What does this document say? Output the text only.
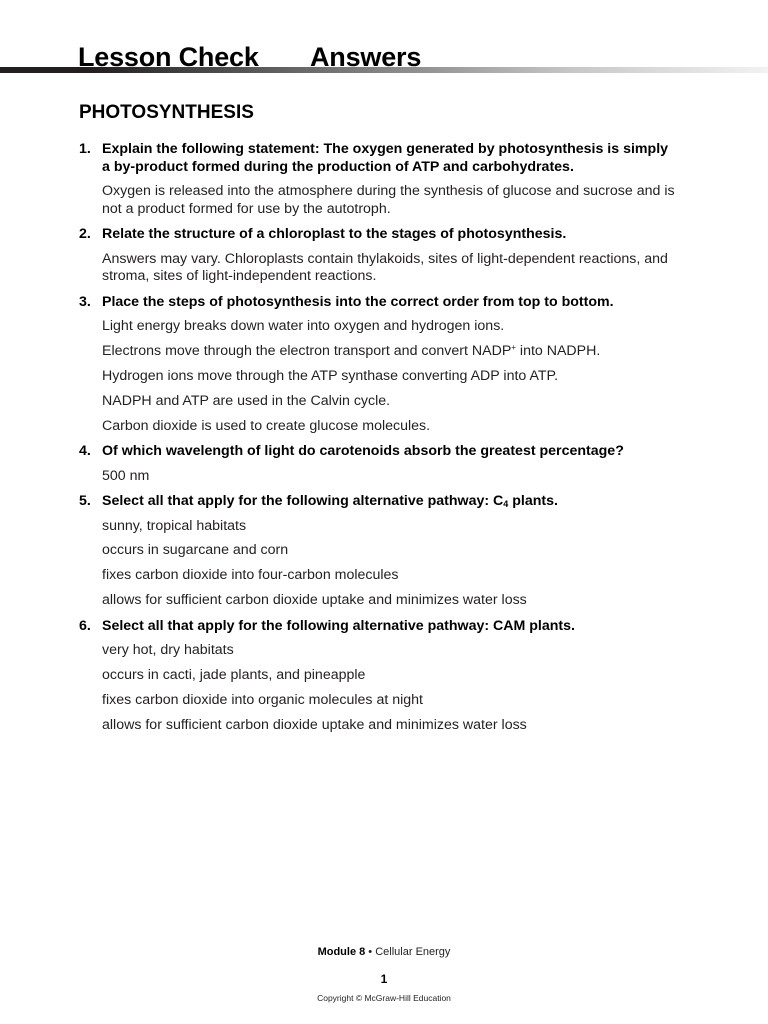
Lesson Check Answers
PHOTOSYNTHESIS
1. Explain the following statement: The oxygen generated by photosynthesis is simply a by-product formed during the production of ATP and carbohydrates.
Oxygen is released into the atmosphere during the synthesis of glucose and sucrose and is not a product formed for use by the autotroph.
2. Relate the structure of a chloroplast to the stages of photosynthesis.
Answers may vary. Chloroplasts contain thylakoids, sites of light-dependent reactions, and stroma, sites of light-independent reactions.
3. Place the steps of photosynthesis into the correct order from top to bottom.
Light energy breaks down water into oxygen and hydrogen ions.
Electrons move through the electron transport and convert NADP+ into NADPH.
Hydrogen ions move through the ATP synthase converting ADP into ATP.
NADPH and ATP are used in the Calvin cycle.
Carbon dioxide is used to create glucose molecules.
4. Of which wavelength of light do carotenoids absorb the greatest percentage?
500 nm
5. Select all that apply for the following alternative pathway: $C_4$ plants.
sunny, tropical habitats
occurs in sugarcane and corn
fixes carbon dioxide into four-carbon molecules
allows for sufficient carbon dioxide uptake and minimizes water loss
6. Select all that apply for the following alternative pathway: CAM plants.
very hot, dry habitats
occurs in cacti, jade plants, and pineapple
fixes carbon dioxide into organic molecules at night
allows for sufficient carbon dioxide uptake and minimizes water loss
Module 8 • Cellular Energy
1
Copyright © McGraw-Hill Education
